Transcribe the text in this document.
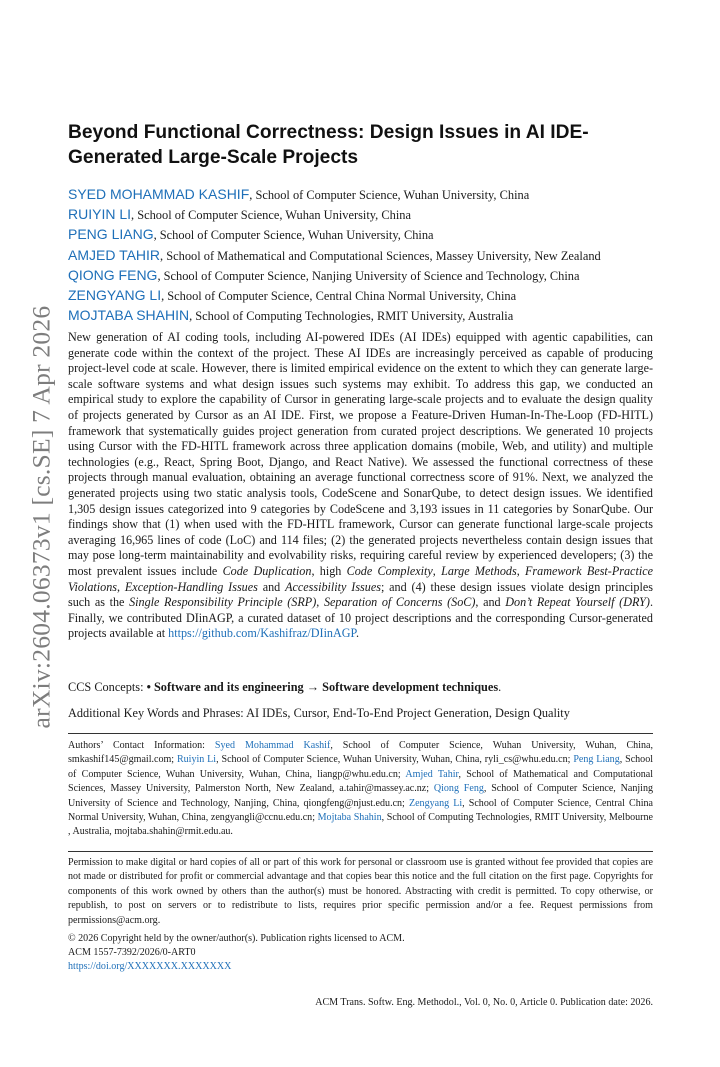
arXiv:2604.06373v1 [cs.SE] 7 Apr 2026
Beyond Functional Correctness: Design Issues in AI IDE-Generated Large-Scale Projects
SYED MOHAMMAD KASHIF, School of Computer Science, Wuhan University, China
RUIYIN LI, School of Computer Science, Wuhan University, China
PENG LIANG, School of Computer Science, Wuhan University, China
AMJED TAHIR, School of Mathematical and Computational Sciences, Massey University, New Zealand
QIONG FENG, School of Computer Science, Nanjing University of Science and Technology, China
ZENGYANG LI, School of Computer Science, Central China Normal University, China
MOJTABA SHAHIN, School of Computing Technologies, RMIT University, Australia

New generation of AI coding tools, including AI-powered IDEs (AI IDEs) equipped with agentic capabilities, can generate code within the context of the project. These AI IDEs are increasingly perceived as capable of producing project-level code at scale. However, there is limited empirical evidence on the extent to which they can generate large-scale software systems and what design issues such systems may exhibit. To address this gap, we conducted an empirical study to explore the capability of Cursor in generating large-scale projects and to evaluate the design quality of projects generated by Cursor as an AI IDE. First, we propose a Feature-Driven Human-In-The-Loop (FD-HITL) framework that systematically guides project generation from curated project descriptions. We generated 10 projects using Cursor with the FD-HITL framework across three application domains (mobile, Web, and utility) and multiple technologies (e.g., React, Spring Boot, Django, and React Native). We assessed the functional correctness of these projects through manual evaluation, obtaining an average functional correctness score of 91%. Next, we analyzed the generated projects using two static analysis tools, CodeScene and SonarQube, to detect design issues. We identified 1,305 design issues categorized into 9 categories by CodeScene and 3,193 issues in 11 categories by SonarQube. Our findings show that (1) when used with the FD-HITL framework, Cursor can generate functional large-scale projects averaging 16,965 lines of code (LoC) and 114 files; (2) the generated projects nevertheless contain design issues that may pose long-term maintainability and evolvability risks, requiring careful review by experienced developers; (3) the most prevalent issues include Code Duplication, high Code Complexity, Large Methods, Framework Best-Practice Violations, Exception-Handling Issues and Accessibility Issues; and (4) these design issues violate design principles such as the Single Responsibility Principle (SRP), Separation of Concerns (SoC), and Don’t Repeat Yourself (DRY). Finally, we contributed DIinAGP, a curated dataset of 10 project descriptions and the corresponding Cursor-generated projects available at https://github.com/Kashifraz/DIinAGP.

CCS Concepts: • Software and its engineering → Software development techniques.

Additional Key Words and Phrases: AI IDEs, Cursor, End-To-End Project Generation, Design Quality

Authors’ Contact Information: Syed Mohammad Kashif, School of Computer Science, Wuhan University, Wuhan, China, smkashif145@gmail.com; Ruiyin Li, School of Computer Science, Wuhan University, Wuhan, China, ryli_cs@whu.edu.cn; Peng Liang, School of Computer Science, Wuhan University, Wuhan, China, liangp@whu.edu.cn; Amjed Tahir, School of Mathematical and Computational Sciences, Massey University, Palmerston North, New Zealand, a.tahir@massey.ac.nz; Qiong Feng, School of Computer Science, Nanjing University of Science and Technology, Nanjing, China, qiongfeng@njust.edu.cn; Zengyang Li, School of Computer Science, Central China Normal University, Wuhan, China, zengyangli@ccnu.edu.cn; Mojtaba Shahin, School of Computing Technologies, RMIT University, Melbourne , Australia, mojtaba.shahin@rmit.edu.au.

Permission to make digital or hard copies of all or part of this work for personal or classroom use is granted without fee provided that copies are not made or distributed for profit or commercial advantage and that copies bear this notice and the full citation on the first page. Copyrights for components of this work owned by others than the author(s) must be honored. Abstracting with credit is permitted. To copy otherwise, or republish, to post on servers or to redistribute to lists, requires prior specific permission and/or a fee. Request permissions from permissions@acm.org.

© 2026 Copyright held by the owner/author(s). Publication rights licensed to ACM.
ACM 1557-7392/2026/0-ART0
https://doi.org/XXXXXXX.XXXXXXX
ACM Trans. Softw. Eng. Methodol., Vol. 0, No. 0, Article 0. Publication date: 2026.
